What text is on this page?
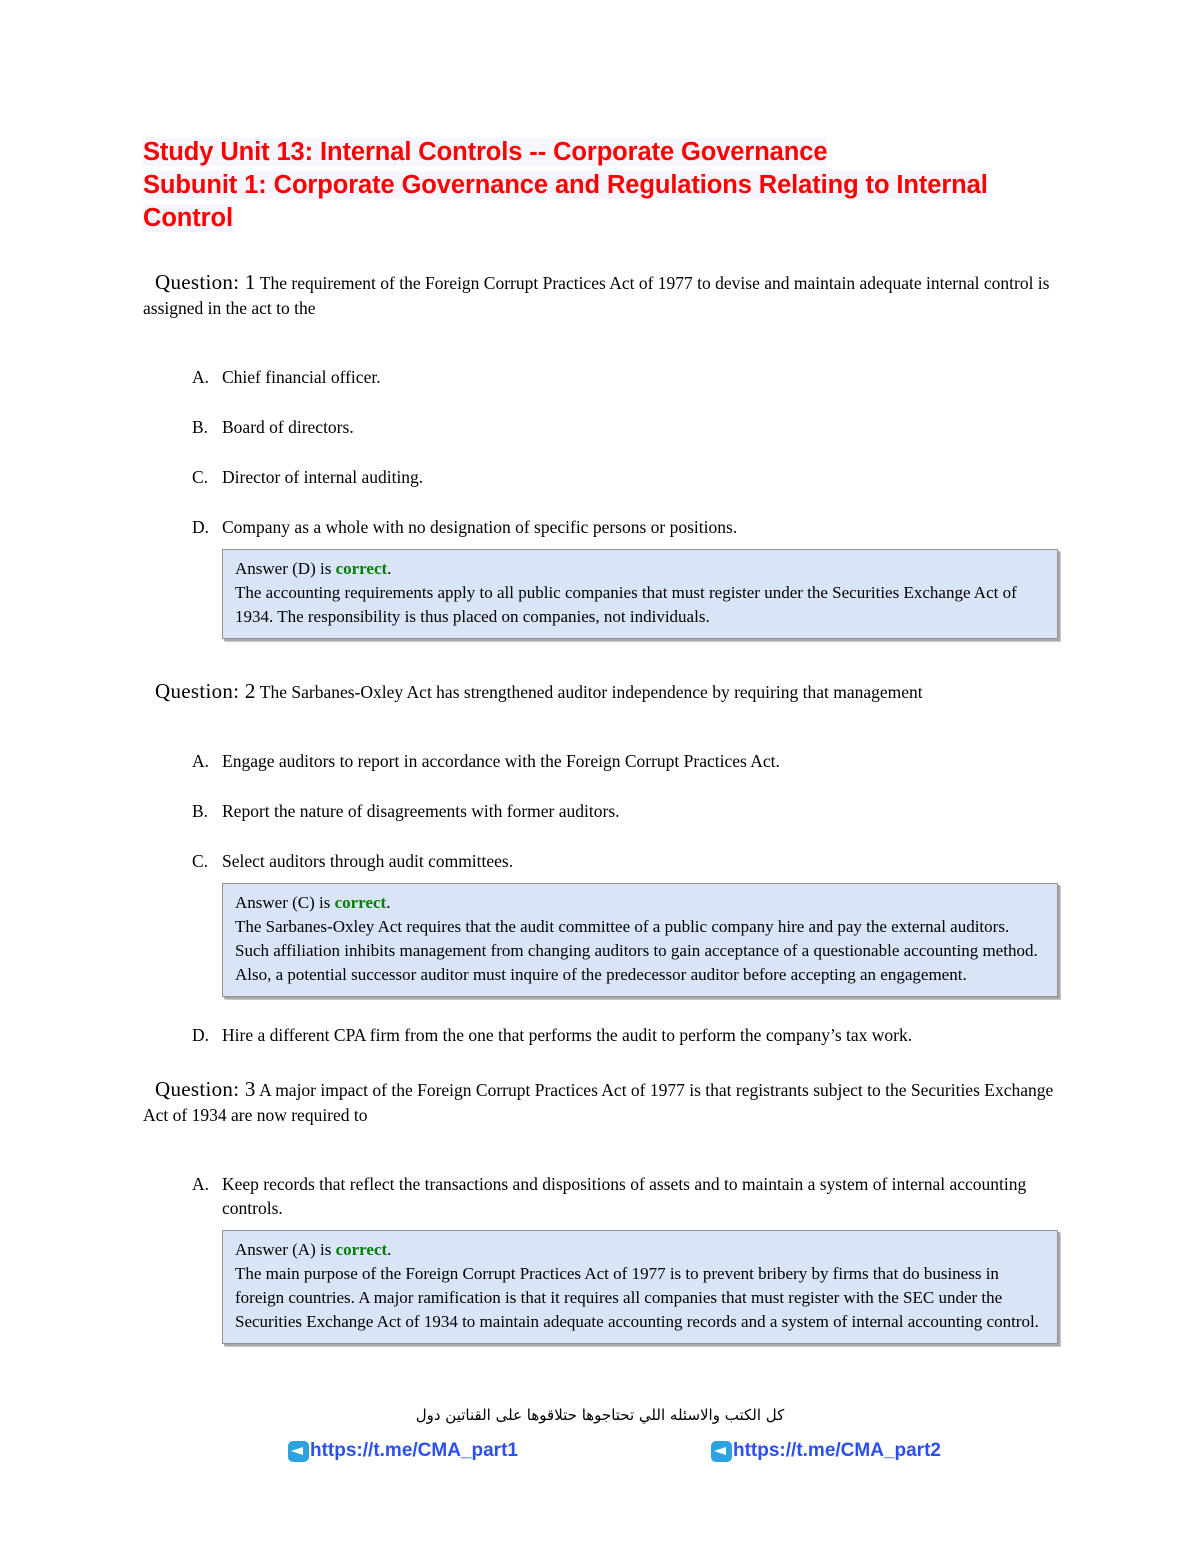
Study Unit 13: Internal Controls -- Corporate Governance
Subunit 1: Corporate Governance and Regulations Relating to Internal Control

Question: 1 The requirement of the Foreign Corrupt Practices Act of 1977 to devise and maintain adequate internal control is assigned in the act to the

A. Chief financial officer.
B. Board of directors.
C. Director of internal auditing.
D. Company as a whole with no designation of specific persons or positions.
Answer (D) is correct.
The accounting requirements apply to all public companies that must register under the Securities Exchange Act of 1934. The responsibility is thus placed on companies, not individuals.

Question: 2 The Sarbanes-Oxley Act has strengthened auditor independence by requiring that management

A. Engage auditors to report in accordance with the Foreign Corrupt Practices Act.
B. Report the nature of disagreements with former auditors.
C. Select auditors through audit committees.
Answer (C) is correct.
The Sarbanes-Oxley Act requires that the audit committee of a public company hire and pay the external auditors. Such affiliation inhibits management from changing auditors to gain acceptance of a questionable accounting method. Also, a potential successor auditor must inquire of the predecessor auditor before accepting an engagement.
D. Hire a different CPA firm from the one that performs the audit to perform the company’s tax work.

Question: 3 A major impact of the Foreign Corrupt Practices Act of 1977 is that registrants subject to the Securities Exchange Act of 1934 are now required to

A. Keep records that reflect the transactions and dispositions of assets and to maintain a system of internal accounting controls.
Answer (A) is correct.
The main purpose of the Foreign Corrupt Practices Act of 1977 is to prevent bribery by firms that do business in foreign countries. A major ramification is that it requires all companies that must register with the SEC under the Securities Exchange Act of 1934 to maintain adequate accounting records and a system of internal accounting control.
كل الكتب والاسئله اللي تحتاجوها حتلاقوها على القناتين دول
https://t.me/CMA_part1	https://t.me/CMA_part2
